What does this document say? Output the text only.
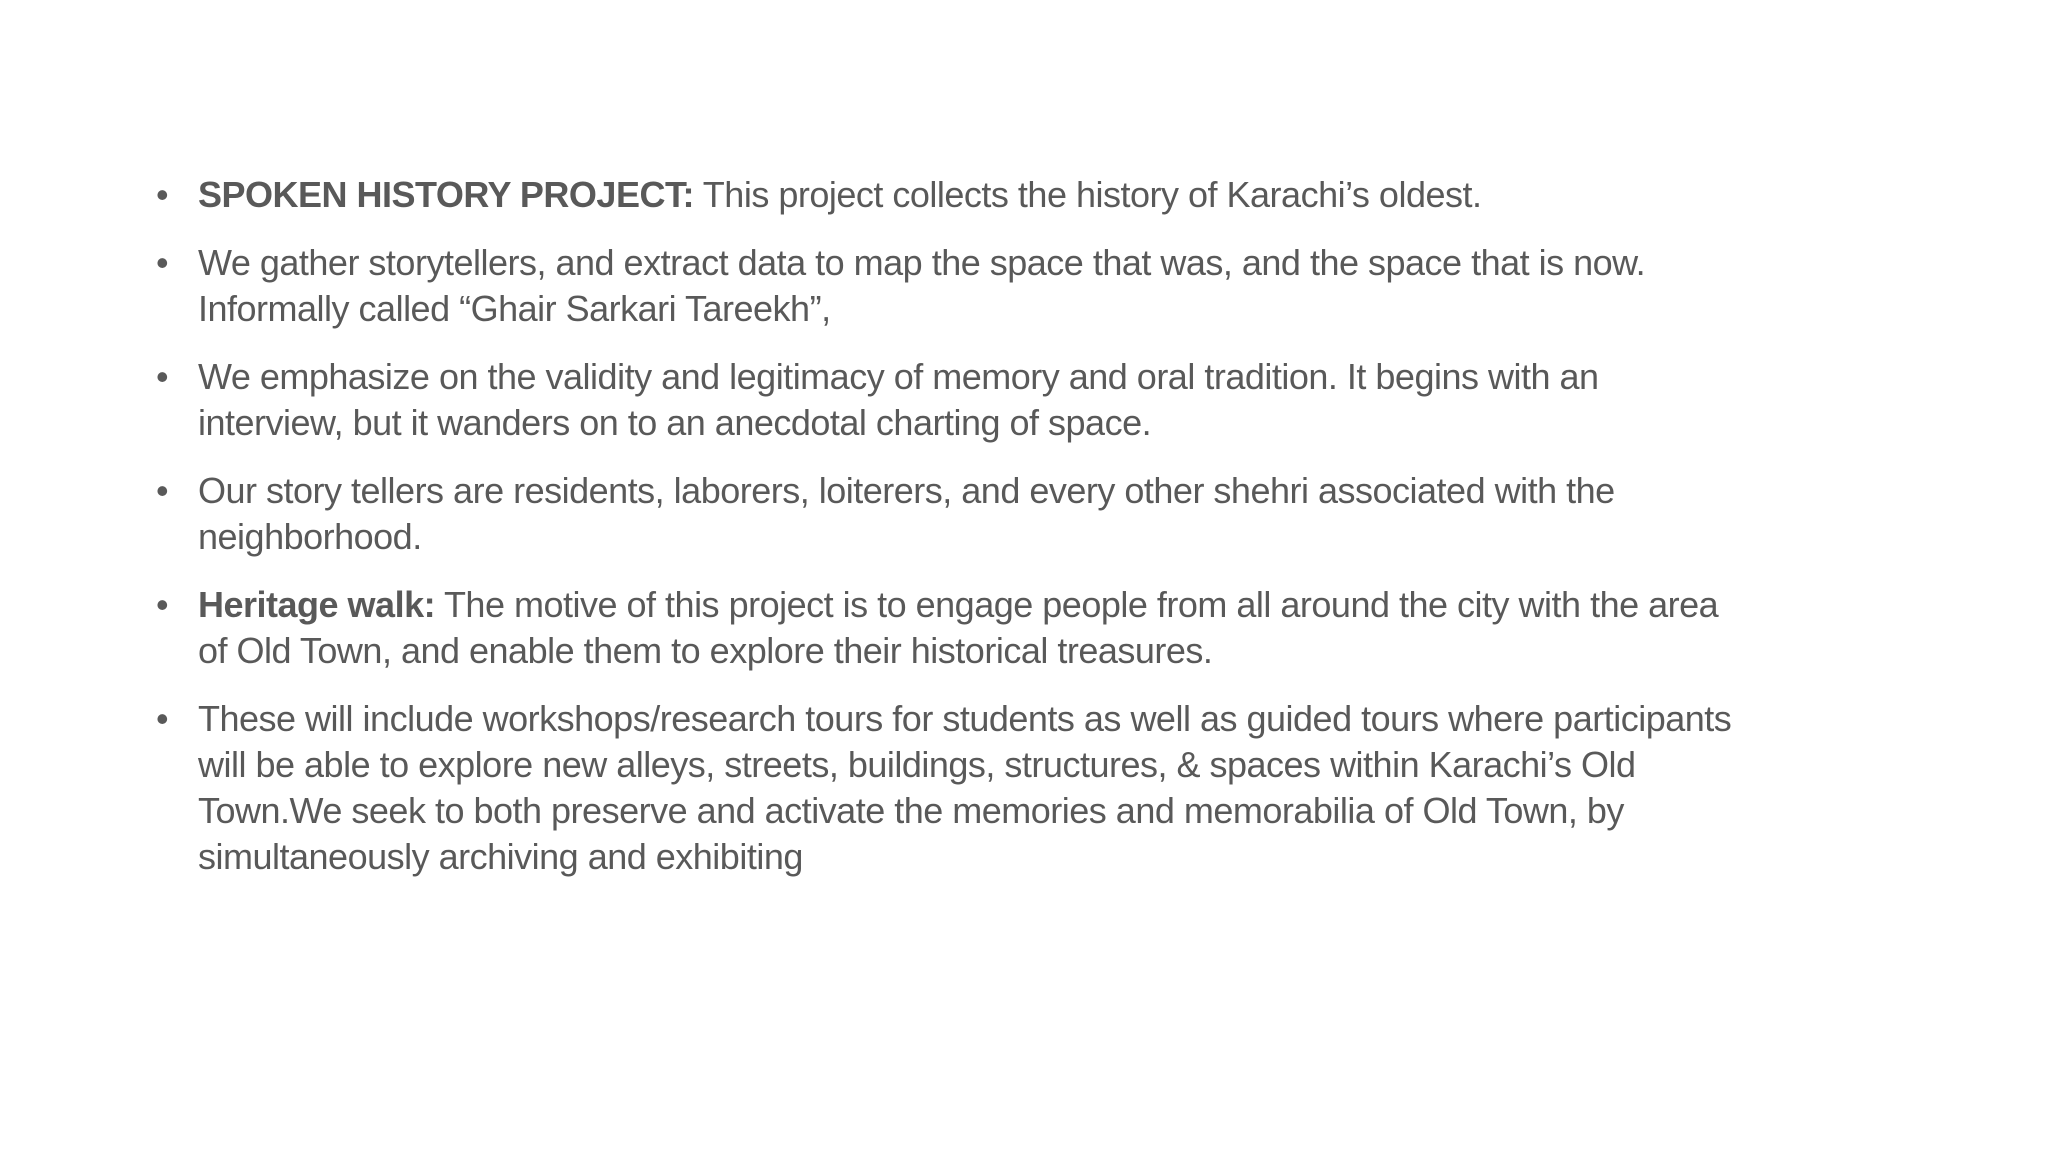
• SPOKEN HISTORY PROJECT: This project collects the history of Karachi’s oldest.
• We gather storytellers, and extract data to map the space that was, and the space that is now. Informally called “Ghair Sarkari Tareekh”,
• We emphasize on the validity and legitimacy of memory and oral tradition. It begins with an interview, but it wanders on to an anecdotal charting of space.
• Our story tellers are residents, laborers, loiterers, and every other shehri associated with the neighborhood.
• Heritage walk: The motive of this project is to engage people from all around the city with the area of Old Town, and enable them to explore their historical treasures.
• These will include workshops/research tours for students as well as guided tours where participants will be able to explore new alleys, streets, buildings, structures, & spaces within Karachi’s Old Town.We seek to both preserve and activate the memories and memorabilia of Old Town, by simultaneously archiving and exhibiting
